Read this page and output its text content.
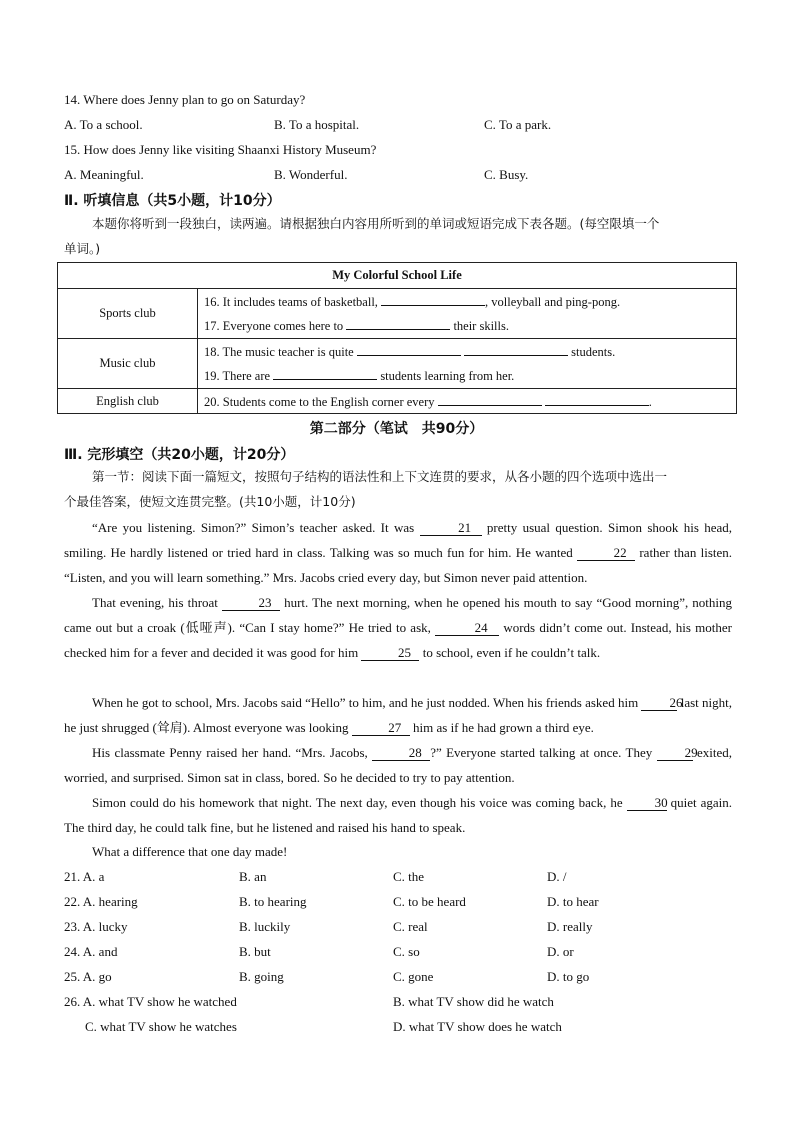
14. Where does Jenny plan to go on Saturday?
A. To a school.	B. To a hospital.	C. To a park.
15. How does Jenny like visiting Shaanxi History Museum?
A. Meaningful.	B. Wonderful.	C. Busy.
Ⅱ. 听填信息（共5小题，计10分）
本题你将听到一段独白，读两遍。请根据独白内容用所听到的单词或短语完成下表各题。(每空限填一个
单词。)
My Colorful School Life	
Sports club	16. It includes teams of basketball, , volleyball and ping-pong.
	17. Everyone comes here to their skills.
Music club	18. The music teacher is quite students.
	19. There are students learning from her.
English club	20. Students come to the English corner every .
第二部分（笔试　共90分）
Ⅲ. 完形填空（共20小题，计20分）
第一节：阅读下面一篇短文，按照句子结构的语法性和上下文连贯的要求，从各小题的四个选项中选出一
个最佳答案，使短文连贯完整。(共10小题，计10分)
“Are you listening. Simon?” Simon’s teacher asked. It was	21 pretty usual question. Simon shook his head, smiling. He hardly listened or tried hard in class. Talking was so much fun for him. He wanted	22 rather than listen. “Listen, and you will learn something.” Mrs. Jacobs cried every day, but Simon never paid attention.
That evening, his throat	23 hurt. The next morning, when he opened his mouth to say “Good morning”, nothing came out but a croak (低哑声). “Can I stay home?” He tried to ask,	24 words didn’t come out. Instead, his mother checked him for a fever and decided it was good for him	25 to school, even if he couldn’t talk.
When he got to school, Mrs. Jacobs said “Hello” to him, and he just nodded. When his friends asked him 26 last night, he just shrugged (耸肩). Almost everyone was looking	27 him as if he had grown a third eye.
His classmate Penny raised her hand. “Mrs. Jacobs,	28 ?” Everyone started talking at once. They 29 exited, worried, and surprised. Simon sat in class, bored. So he decided to try to pay attention.
Simon could do his homework that night. The next day, even though his voice was coming back, he 30 quiet again. The third day, he could talk fine, but he listened and raised his hand to speak.
What a difference that one day made!
21. A. a	B. an	C. the	D. /
22. A. hearing	B. to hearing	C. to be heard	D. to hear
23. A. lucky	B. luckily	C. real	D. really
24. A. and	B. but	C. so	D. or
25. A. go	B. going	C. gone	D. to go
26. A. what TV show he watched	B. what TV show did he watch
C. what TV show he watches	D. what TV show does he watch
